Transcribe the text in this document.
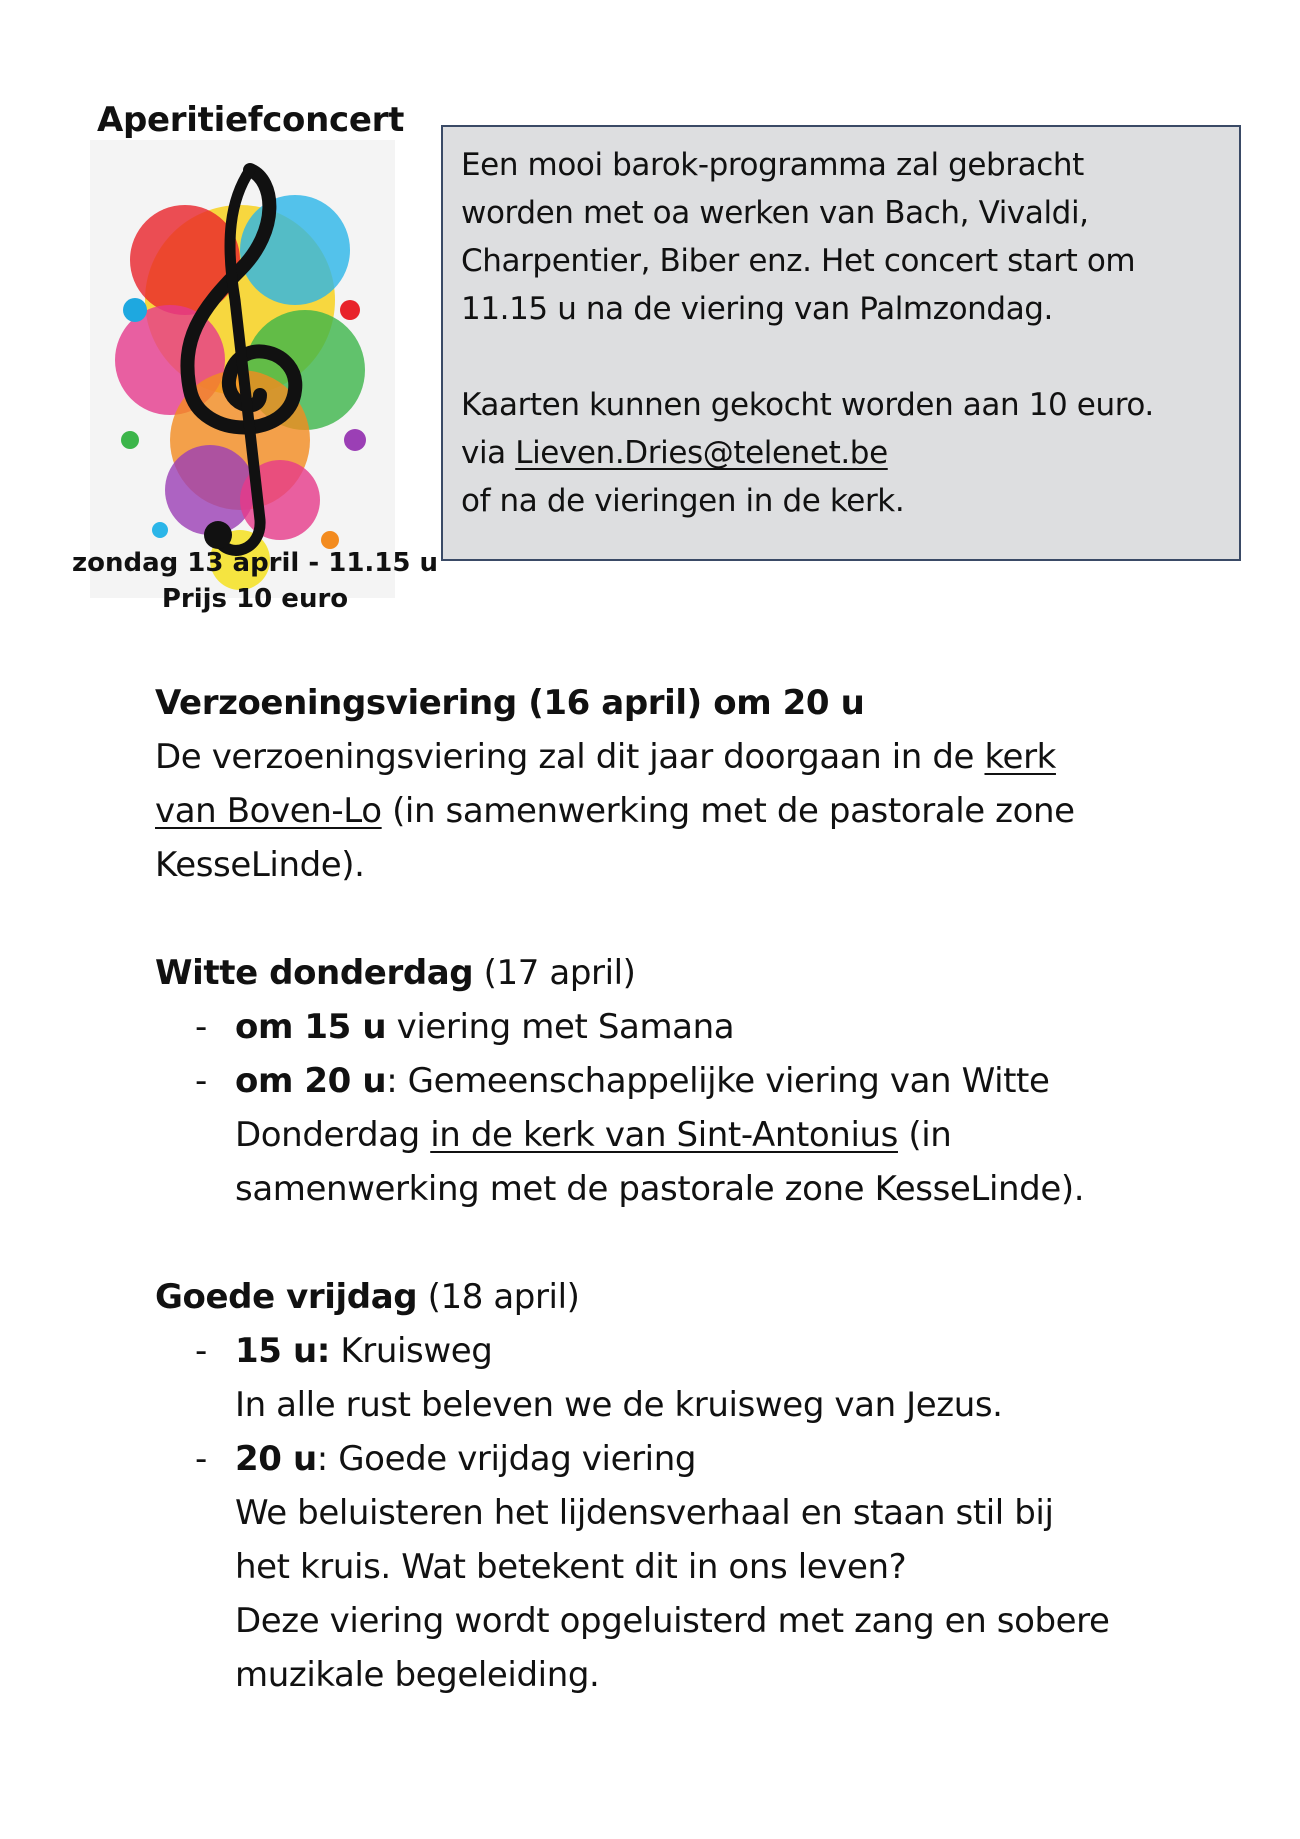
Aperitiefconcert
zondag 13 april - 11.15 u
Prijs 10 euro

Een mooi barok-programma zal gebracht

worden met oa werken van Bach, Vivaldi,

Charpentier, Biber enz. Het concert start om

11.15 u na de viering van Palmzondag.

Kaarten kunnen gekocht worden aan 10 euro.

via Lieven.Dries@telenet.be

of na de vieringen in de kerk.

Verzoeningsviering (16 april) om 20 u

De verzoeningsviering zal dit jaar doorgaan in de kerk

van Boven-Lo (in samenwerking met de pastorale zone

KesseLinde).

Witte donderdag (17 april)

- om 15 u viering met Samana
- om 20 u: Gemeenschappelijke viering van Witte
Donderdag in de kerk van Sint-Antonius (in
samenwerking met de pastorale zone KesseLinde).

Goede vrijdag (18 april)

- 15 u: Kruisweg
In alle rust beleven we de kruisweg van Jezus.
- 20 u: Goede vrijdag viering
We beluisteren het lijdensverhaal en staan stil bij
het kruis. Wat betekent dit in ons leven?
Deze viering wordt opgeluisterd met zang en sobere
muzikale begeleiding.
